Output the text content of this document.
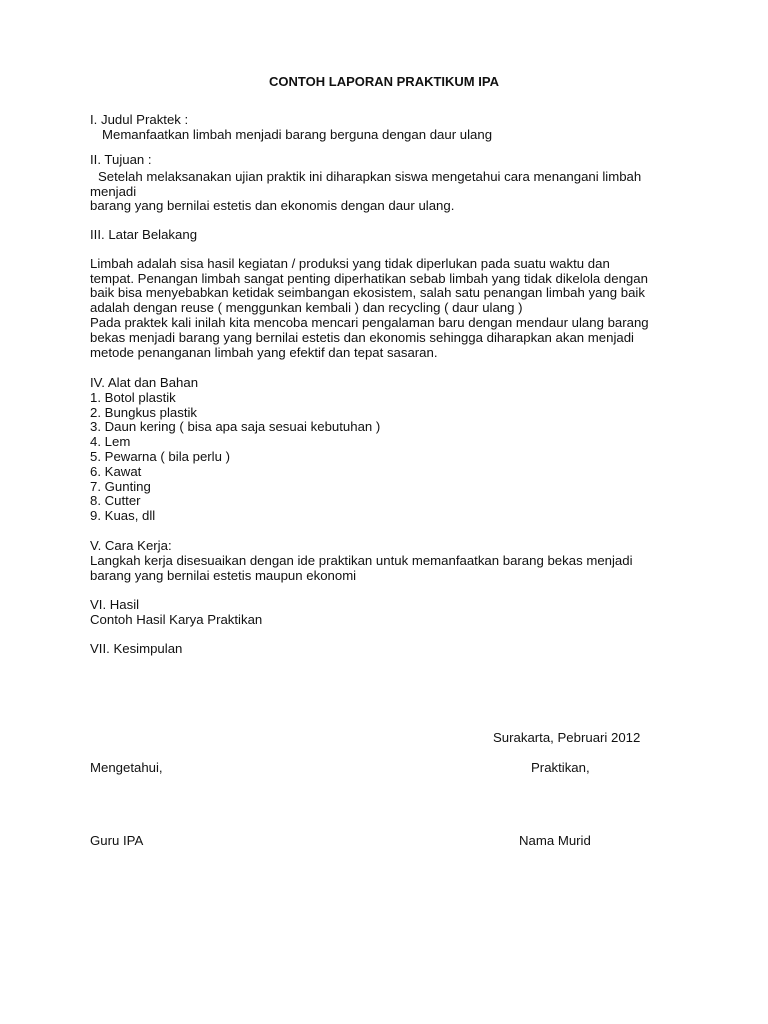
CONTOH LAPORAN PRAKTIKUM IPA
I. Judul Praktek :
Memanfaatkan limbah menjadi barang berguna dengan daur ulang
II. Tujuan :
Setelah melaksanakan ujian praktik ini diharapkan siswa mengetahui cara menangani limbah
menjadi
barang yang bernilai estetis dan ekonomis dengan daur ulang.
III. Latar Belakang
Limbah adalah sisa hasil kegiatan / produksi yang tidak diperlukan pada suatu waktu dan
tempat. Penangan limbah sangat penting diperhatikan sebab limbah yang tidak dikelola dengan
baik bisa menyebabkan ketidak seimbangan ekosistem, salah satu penangan limbah yang baik
adalah dengan reuse ( menggunkan kembali ) dan recycling ( daur ulang )
Pada praktek kali inilah kita mencoba mencari pengalaman baru dengan mendaur ulang barang
bekas menjadi barang yang bernilai estetis dan ekonomis sehingga diharapkan akan menjadi
metode penanganan limbah yang efektif dan tepat sasaran.
IV. Alat dan Bahan
1. Botol plastik
2. Bungkus plastik
3. Daun kering ( bisa apa saja sesuai kebutuhan )
4. Lem
5. Pewarna ( bila perlu )
6. Kawat
7. Gunting
8. Cutter
9. Kuas, dll
V. Cara Kerja:
Langkah kerja disesuaikan dengan ide praktikan untuk memanfaatkan barang bekas menjadi
barang yang bernilai estetis maupun ekonomi
VI. Hasil
Contoh Hasil Karya Praktikan
VII. Kesimpulan
Surakarta, Pebruari 2012
Mengetahui,	Praktikan,
Guru IPA	Nama Murid
